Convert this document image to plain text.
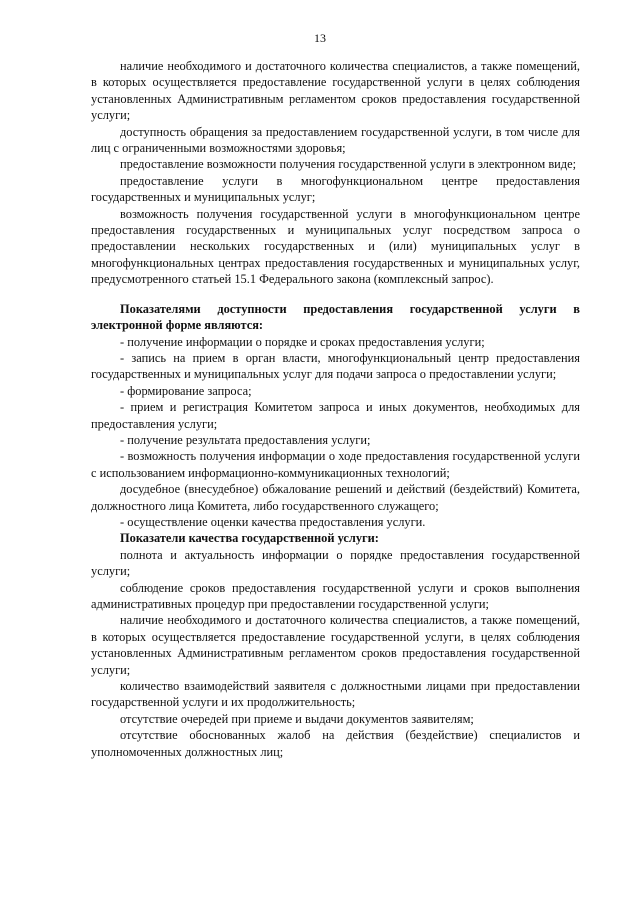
13

наличие необходимого и достаточного количества специалистов, а также помещений, в которых осуществляется предоставление государственной услуги в целях соблюдения установленных Административным регламентом сроков предоставления государственной услуги;

доступность обращения за предоставлением государственной услуги, в том числе для лиц с ограниченными возможностями здоровья;

предоставление возможности получения государственной услуги в электронном виде;

предоставление услуги в многофункциональном центре предоставления государственных и муниципальных услуг;

возможность получения государственной услуги в многофункциональном центре предоставления государственных и муниципальных услуг посредством запроса о предоставлении нескольких государственных и (или) муниципальных услуг в многофункциональных центрах предоставления государственных и муниципальных услуг, предусмотренного статьей 15.1 Федерального закона (комплексный запрос).

Показателями доступности предоставления государственной услуги в электронной форме являются:

- получение информации о порядке и сроках предоставления услуги;

- запись на прием в орган власти, многофункциональный центр предоставления государственных и муниципальных услуг для подачи запроса о предоставлении услуги;

- формирование запроса;

- прием и регистрация Комитетом запроса и иных документов, необходимых для предоставления услуги;

- получение результата предоставления услуги;

- возможность получения информации о ходе предоставления государственной услуги с использованием информационно-коммуникационных технологий;

досудебное (внесудебное) обжалование решений и действий (бездействий) Комитета, должностного лица Комитета, либо государственного служащего;

- осуществление оценки качества предоставления услуги.

Показатели качества государственной услуги:

полнота и актуальность информации о порядке предоставления государственной услуги;

соблюдение сроков предоставления государственной услуги и сроков выполнения административных процедур при предоставлении государственной услуги;

наличие необходимого и достаточного количества специалистов, а также помещений, в которых осуществляется предоставление государственной услуги, в целях соблюдения установленных Административным регламентом сроков предоставления государственной услуги;

количество взаимодействий заявителя с должностными лицами при предоставлении государственной услуги и их продолжительность;

отсутствие очередей при приеме и выдачи документов заявителям;

отсутствие обоснованных жалоб на действия (бездействие) специалистов и уполномоченных должностных лиц;
